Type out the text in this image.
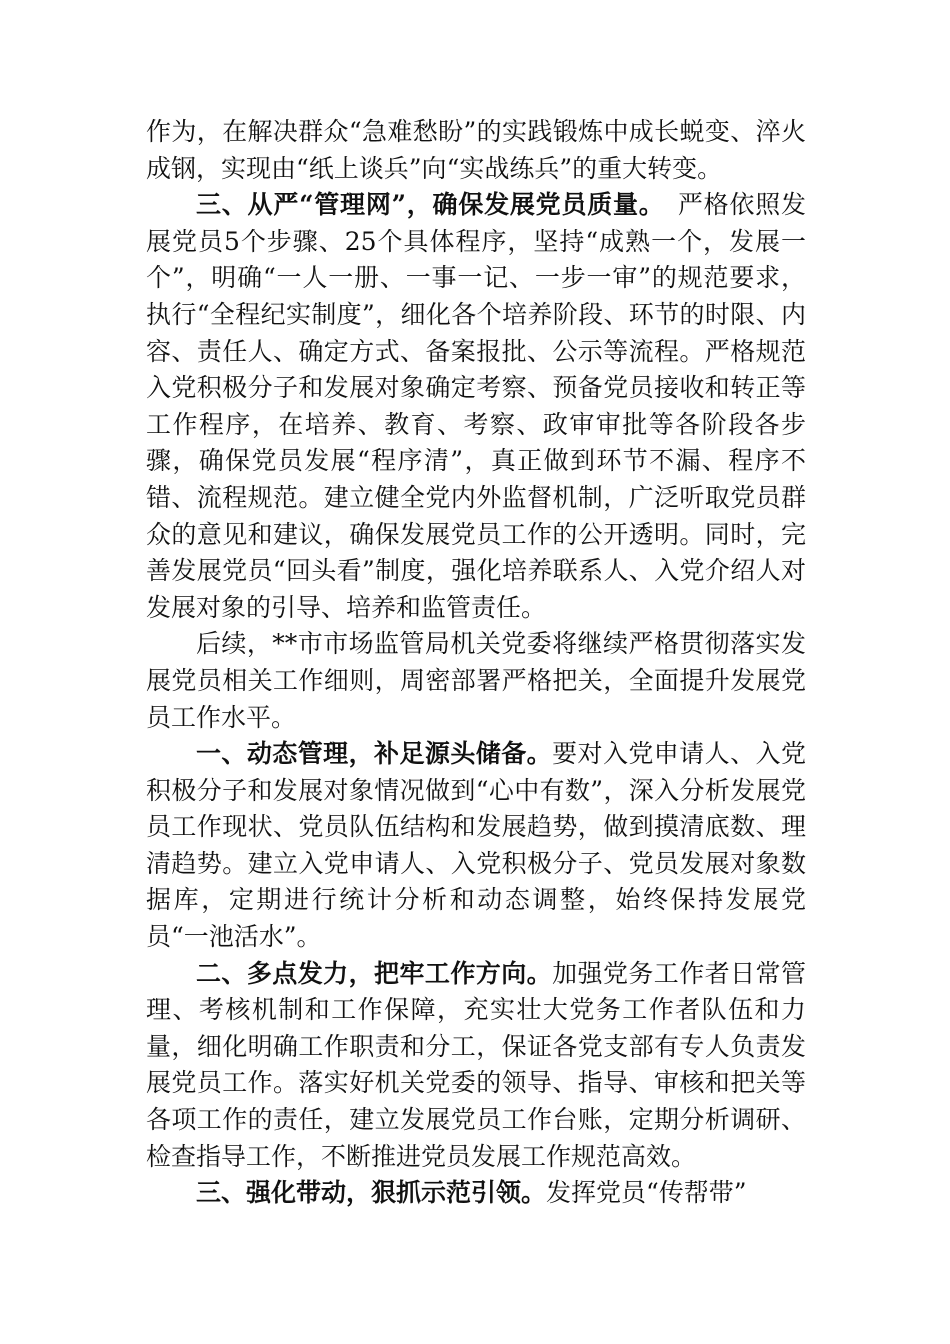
作为，在解决群众“急难愁盼”的实践锻炼中成长蜕变、淬火成钢，实现由“纸上谈兵”向“实战练兵”的重大转变。

三、从严“管理网”，确保发展党员质量。　严格依照发展党员5个步骤、25个具体程序，坚持“成熟一个，发展一个”，明确“一人一册、一事一记、一步一审”的规范要求，执行“全程纪实制度”，细化各个培养阶段、环节的时限、内容、责任人、确定方式、备案报批、公示等流程。严格规范入党积极分子和发展对象确定考察、预备党员接收和转正等工作程序，在培养、教育、考察、政审审批等各阶段各步骤，确保党员发展“程序清”，真正做到环节不漏、程序不错、流程规范。建立健全党内外监督机制，广泛听取党员群众的意见和建议，确保发展党员工作的公开透明。同时，完善发展党员“回头看”制度，强化培养联系人、入党介绍人对发展对象的引导、培养和监管责任。

后续，**市市场监管局机关党委将继续严格贯彻落实发展党员相关工作细则，周密部署严格把关，全面提升发展党员工作水平。

一、动态管理，补足源头储备。要对入党申请人、入党积极分子和发展对象情况做到“心中有数”，深入分析发展党员工作现状、党员队伍结构和发展趋势，做到摸清底数、理清趋势。建立入党申请人、入党积极分子、党员发展对象数据库，定期进行统计分析和动态调整，始终保持发展党员“一池活水”。

二、多点发力，把牢工作方向。加强党务工作者日常管理、考核机制和工作保障，充实壮大党务工作者队伍和力量，细化明确工作职责和分工，保证各党支部有专人负责发展党员工作。落实好机关党委的领导、指导、审核和把关等各项工作的责任，建立发展党员工作台账，定期分析调研、检查指导工作，不断推进党员发展工作规范高效。

三、强化带动，狠抓示范引领。发挥党员“传帮带”
